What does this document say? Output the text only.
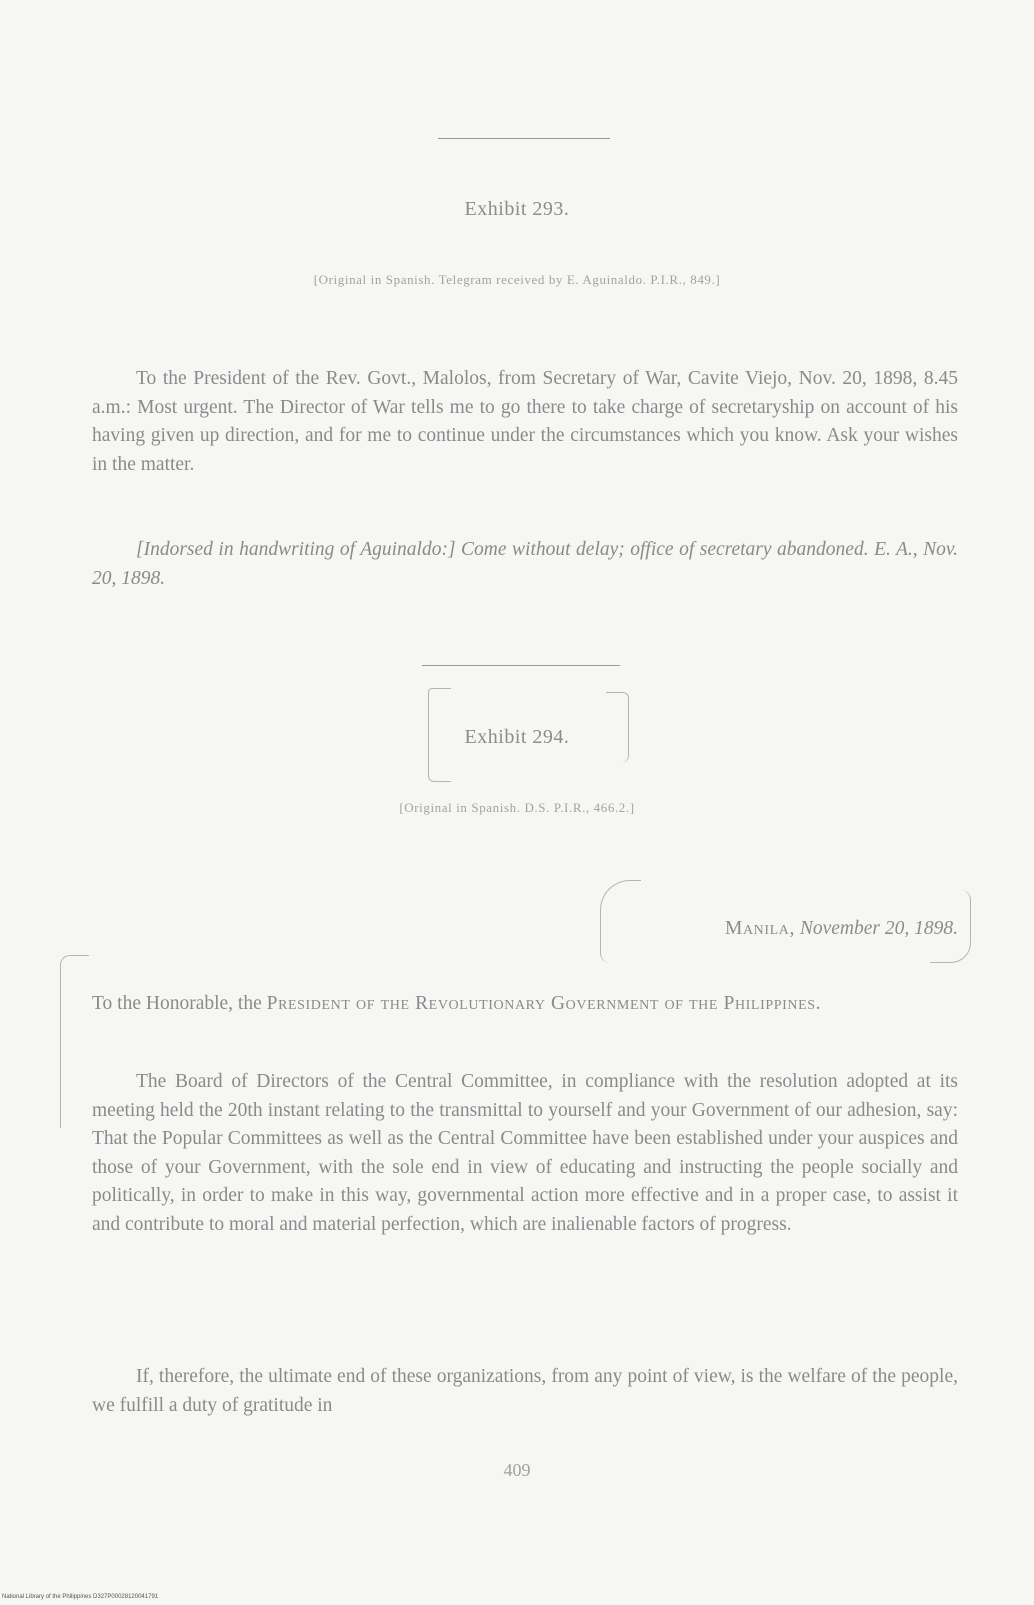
Exhibit 293.
[Original in Spanish. Telegram received by E. Aguinaldo. P.I.R., 849.]
To the President of the Rev. Govt., Malolos, from Secretary of War, Cavite Viejo, Nov. 20, 1898, 8.45 a.m.: Most urgent. The Director of War tells me to go there to take charge of secretaryship on account of his having given up direction, and for me to continue under the circumstances which you know. Ask your wishes in the matter.
[Indorsed in handwriting of Aguinaldo:] Come without delay; office of secretary abandoned. E. A., Nov. 20, 1898.
Exhibit 294.
[Original in Spanish. D.S. P.I.R., 466.2.]
Manila, November 20, 1898.
To the Honorable, the President of the Revolutionary Government of the Philippines.
The Board of Directors of the Central Committee, in compliance with the resolution adopted at its meeting held the 20th instant relating to the transmittal to yourself and your Government of our adhesion, say: That the Popular Committees as well as the Central Committee have been established under your auspices and those of your Government, with the sole end in view of educating and instructing the people socially and politically, in order to make in this way, governmental action more effective and in a proper case, to assist it and contribute to moral and material perfection, which are inalienable factors of progress.
If, therefore, the ultimate end of these organizations, from any point of view, is the welfare of the people, we fulfill a duty of gratitude in
409
National Library of the Philippines D327P00028120041791
